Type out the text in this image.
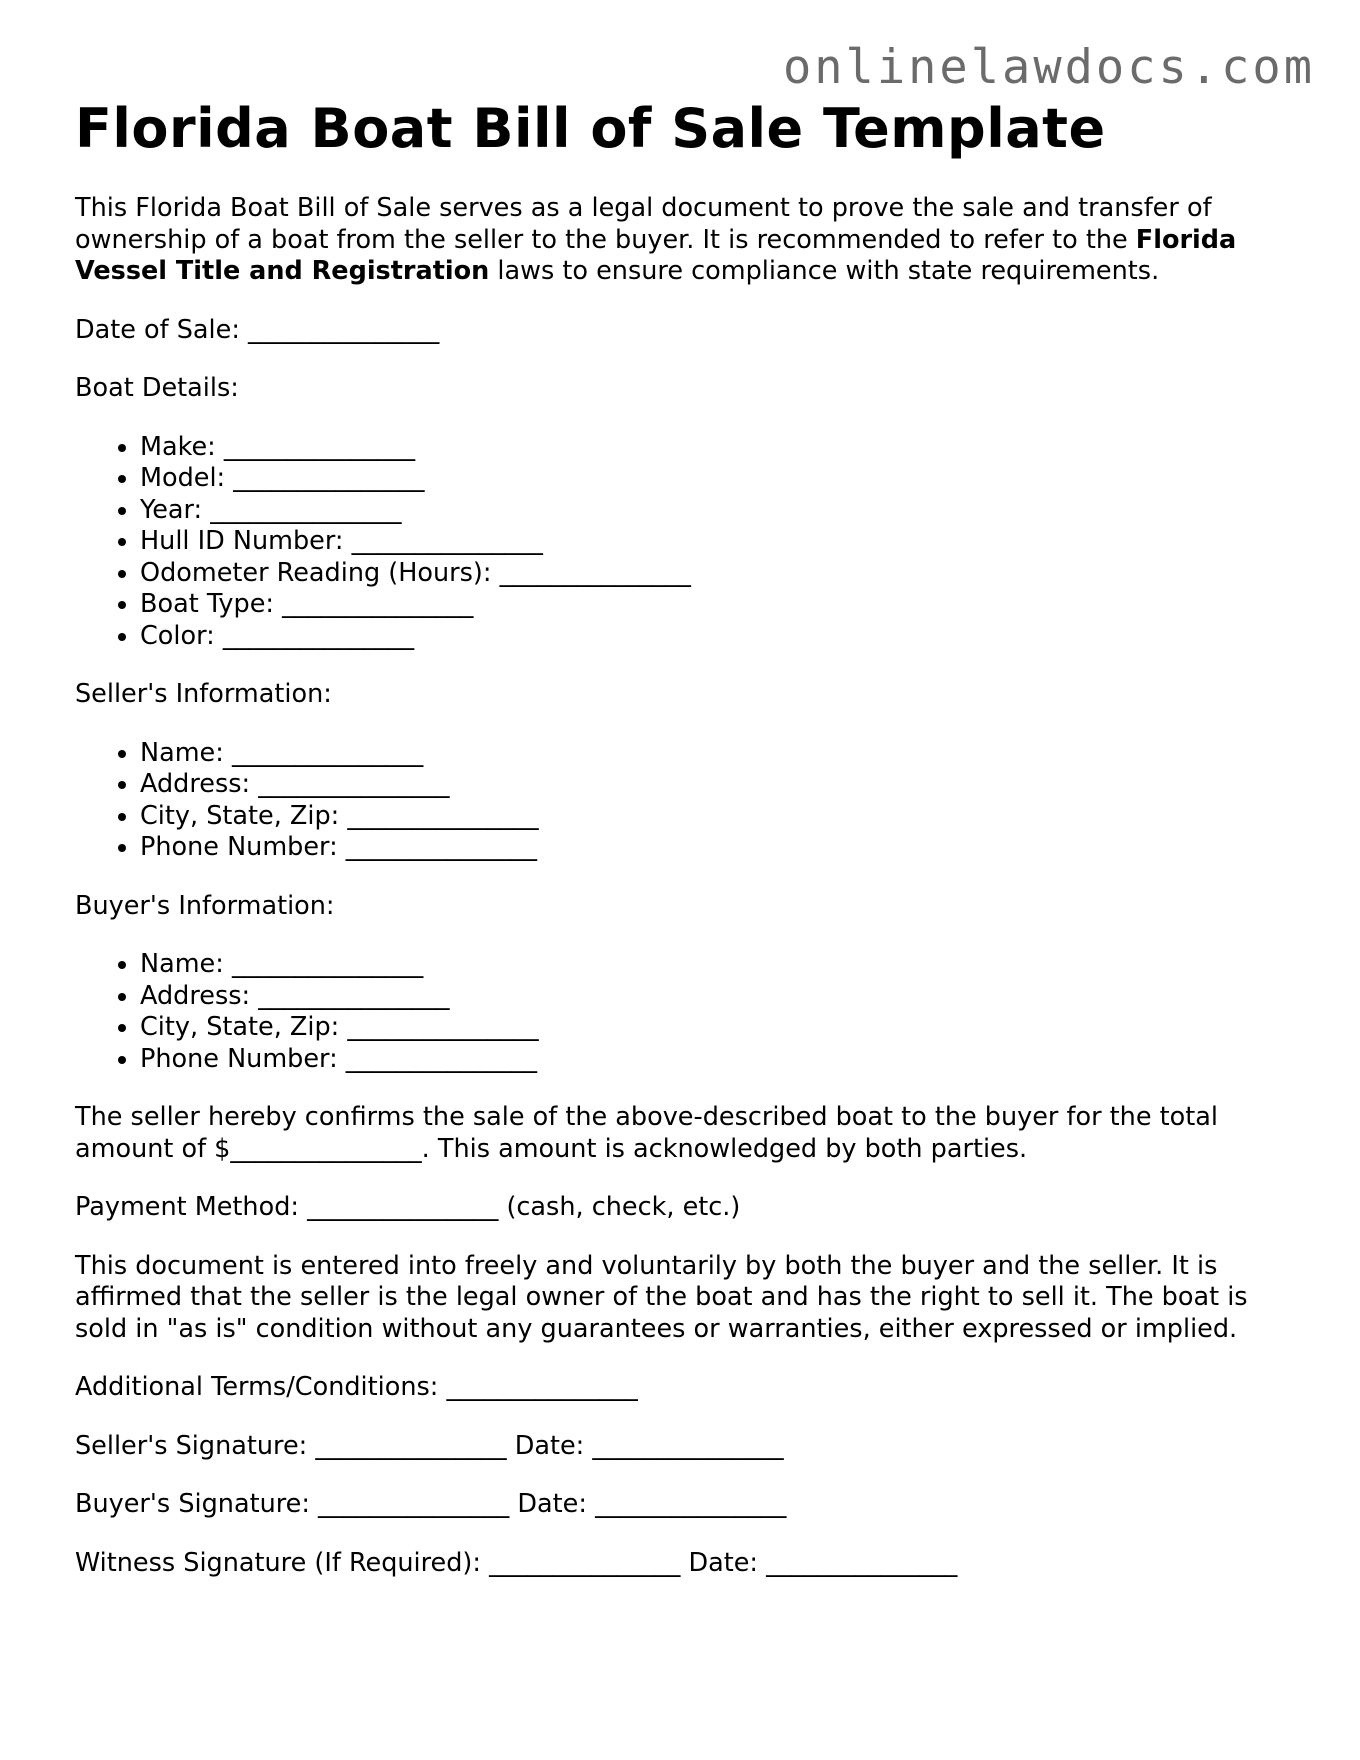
onlinelawdocs.com
Florida Boat Bill of Sale Template

This Florida Boat Bill of Sale serves as a legal document to prove the sale and transfer of ownership of a boat from the seller to the buyer. It is recommended to refer to the Florida Vessel Title and Registration laws to ensure compliance with state requirements.

Date of Sale: _______________

Boat Details:

• Make: _______________
• Model: _______________
• Year: _______________
• Hull ID Number: _______________
• Odometer Reading (Hours): _______________
• Boat Type: _______________
• Color: _______________

Seller's Information:

• Name: _______________
• Address: _______________
• City, State, Zip: _______________
• Phone Number: _______________

Buyer's Information:

• Name: _______________
• Address: _______________
• City, State, Zip: _______________
• Phone Number: _______________

The seller hereby confirms the sale of the above-described boat to the buyer for the total amount of $_______________. This amount is acknowledged by both parties.

Payment Method: _______________ (cash, check, etc.)

This document is entered into freely and voluntarily by both the buyer and the seller. It is affirmed that the seller is the legal owner of the boat and has the right to sell it. The boat is sold in "as is" condition without any guarantees or warranties, either expressed or implied.

Additional Terms/Conditions: _______________

Seller's Signature: _______________ Date: _______________

Buyer's Signature: _______________ Date: _______________

Witness Signature (If Required): _______________ Date: _______________
